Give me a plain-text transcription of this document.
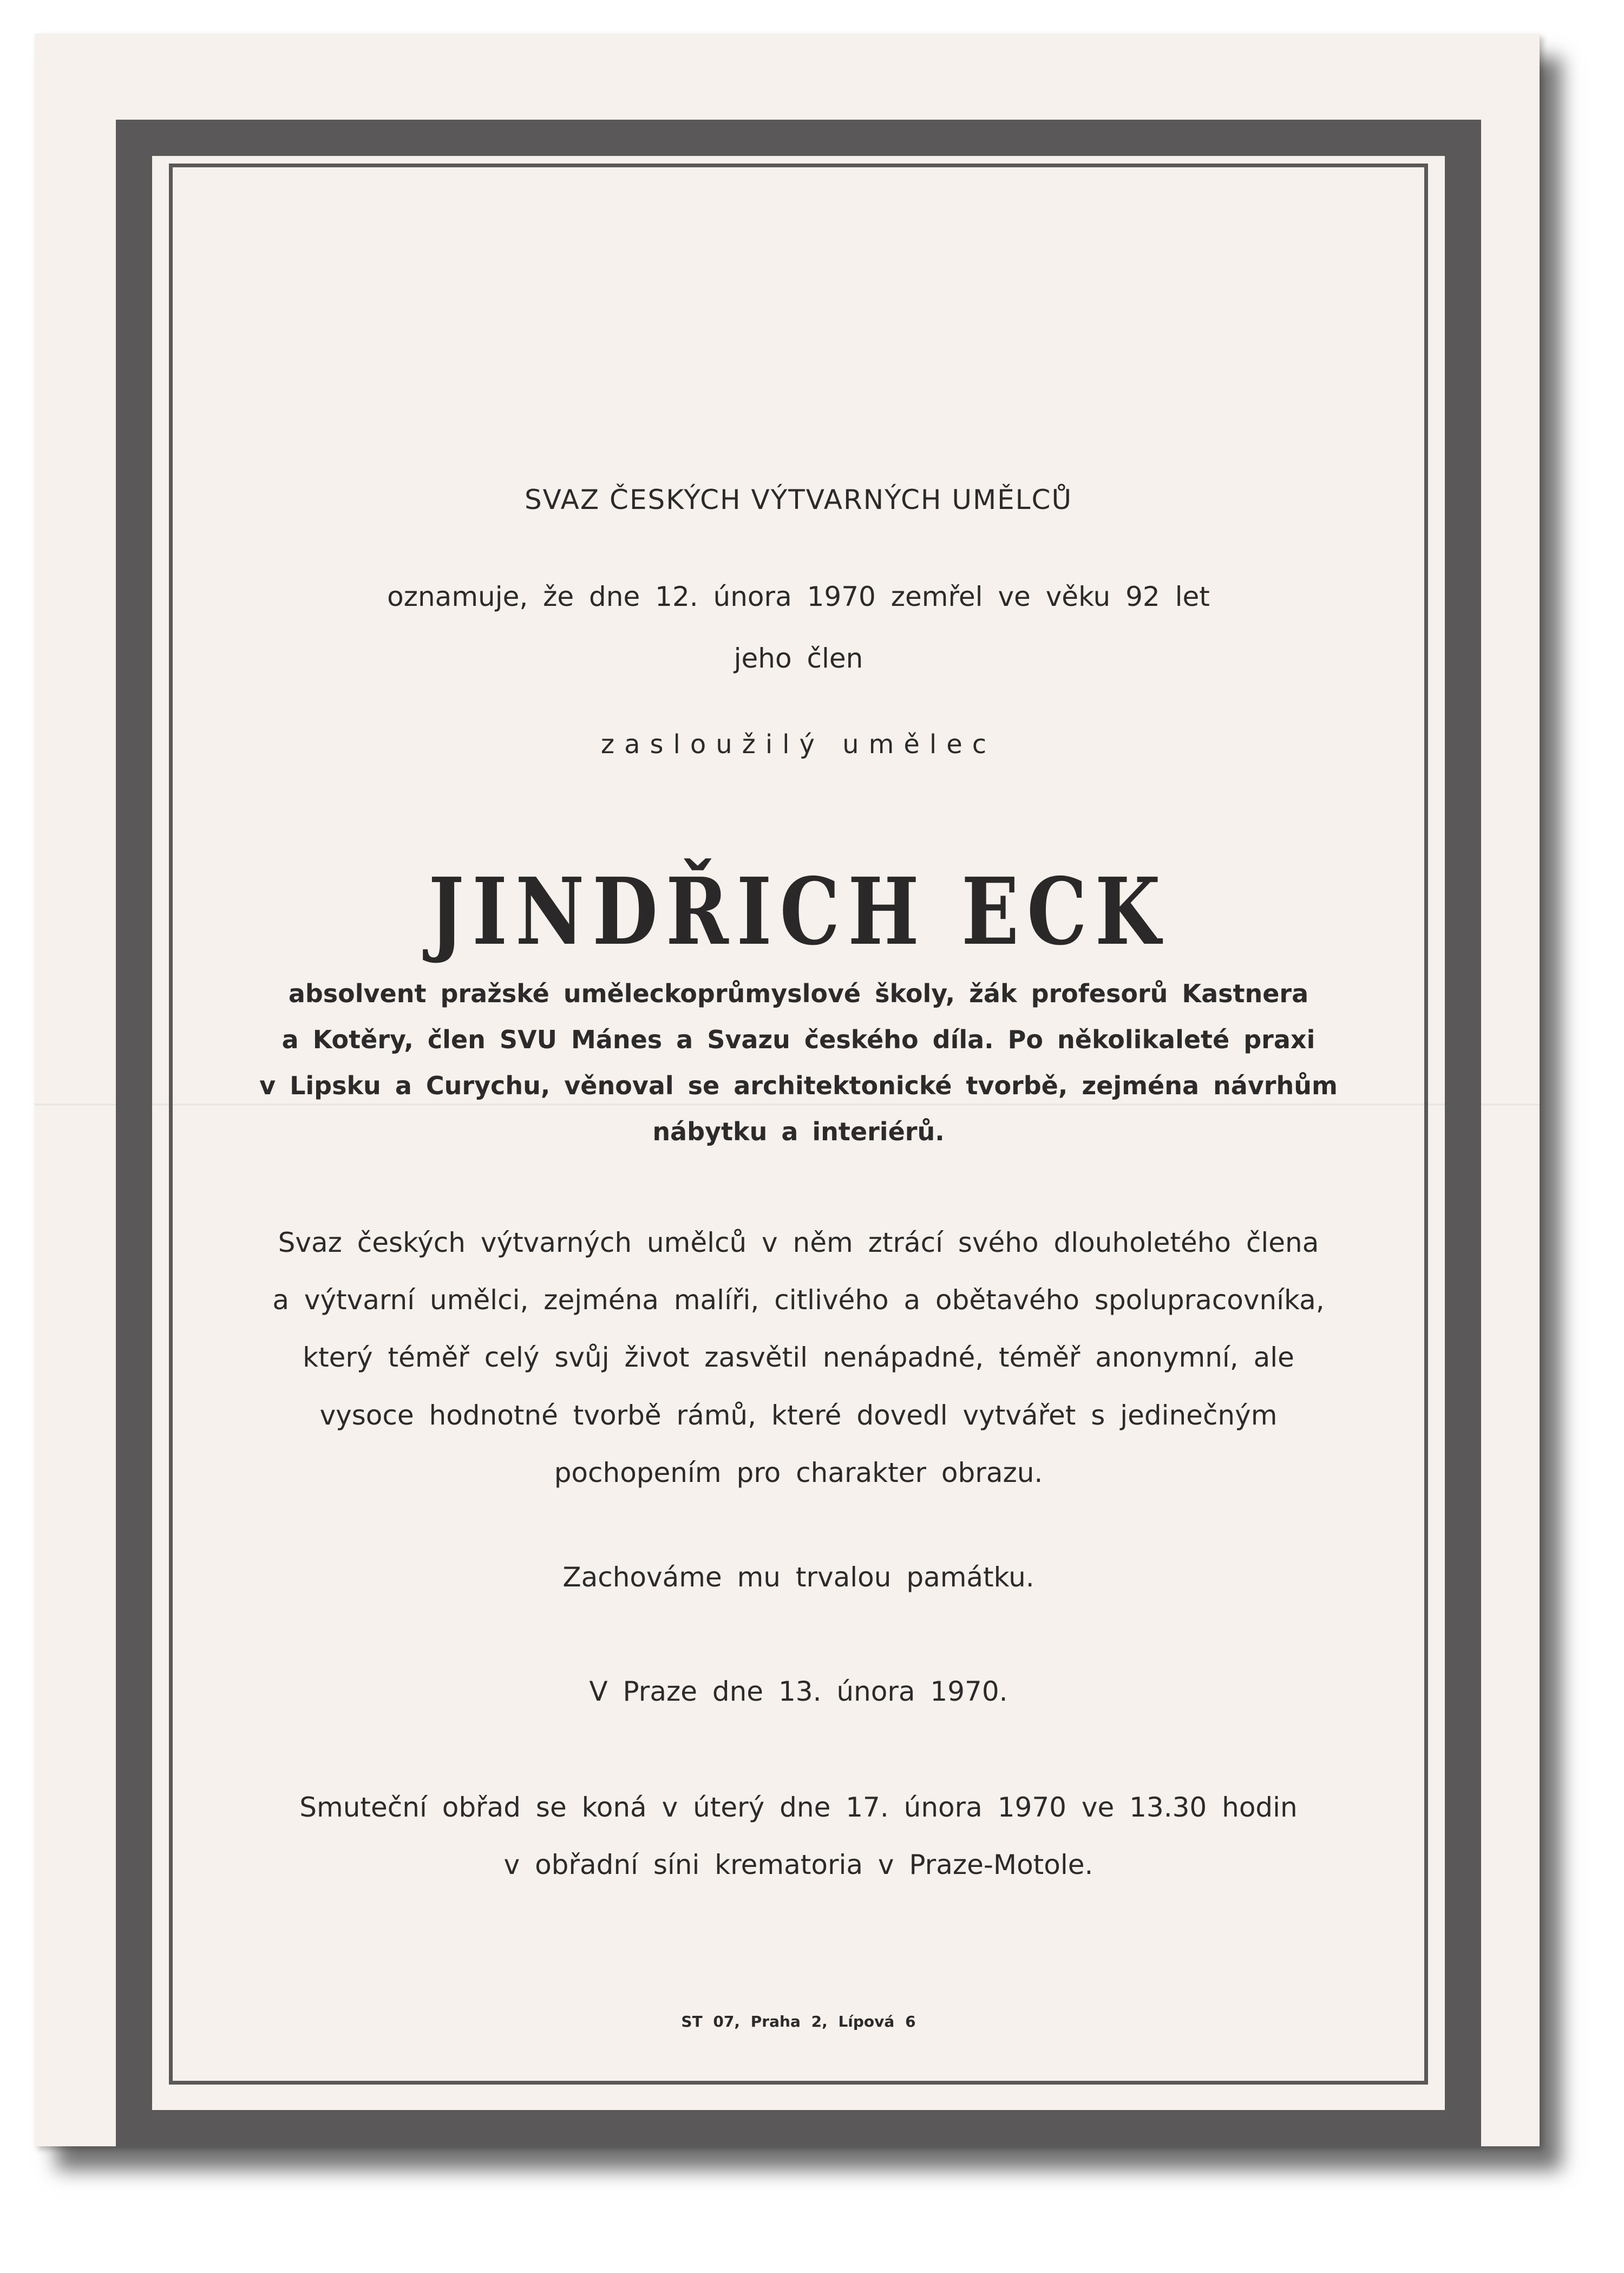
SVAZ ČESKÝCH VÝTVARNÝCH UMĚLCŮ
oznamuje, že dne 12. února 1970 zemřel ve věku 92 let
jeho člen
zasloužilý umělec
JINDŘICH ECK
absolvent pražské uměleckoprůmyslové školy, žák profesorů Kastnera
a Kotěry, člen SVU Mánes a Svazu českého díla. Po několikaleté praxi
v Lipsku a Curychu, věnoval se architektonické tvorbě, zejména návrhům
nábytku a interiérů.
Svaz českých výtvarných umělců v něm ztrácí svého dlouholetého člena
a výtvarní umělci, zejména malíři, citlivého a obětavého spolupracovníka,
který téměř celý svůj život zasvětil nenápadné, téměř anonymní, ale
vysoce hodnotné tvorbě rámů, které dovedl vytvářet s jedinečným
pochopením pro charakter obrazu.
Zachováme mu trvalou památku.
V Praze dne 13. února 1970.
Smuteční obřad se koná v úterý dne 17. února 1970 ve 13.30 hodin
v obřadní síni krematoria v Praze-Motole.
ST 07, Praha 2, Lípová 6
